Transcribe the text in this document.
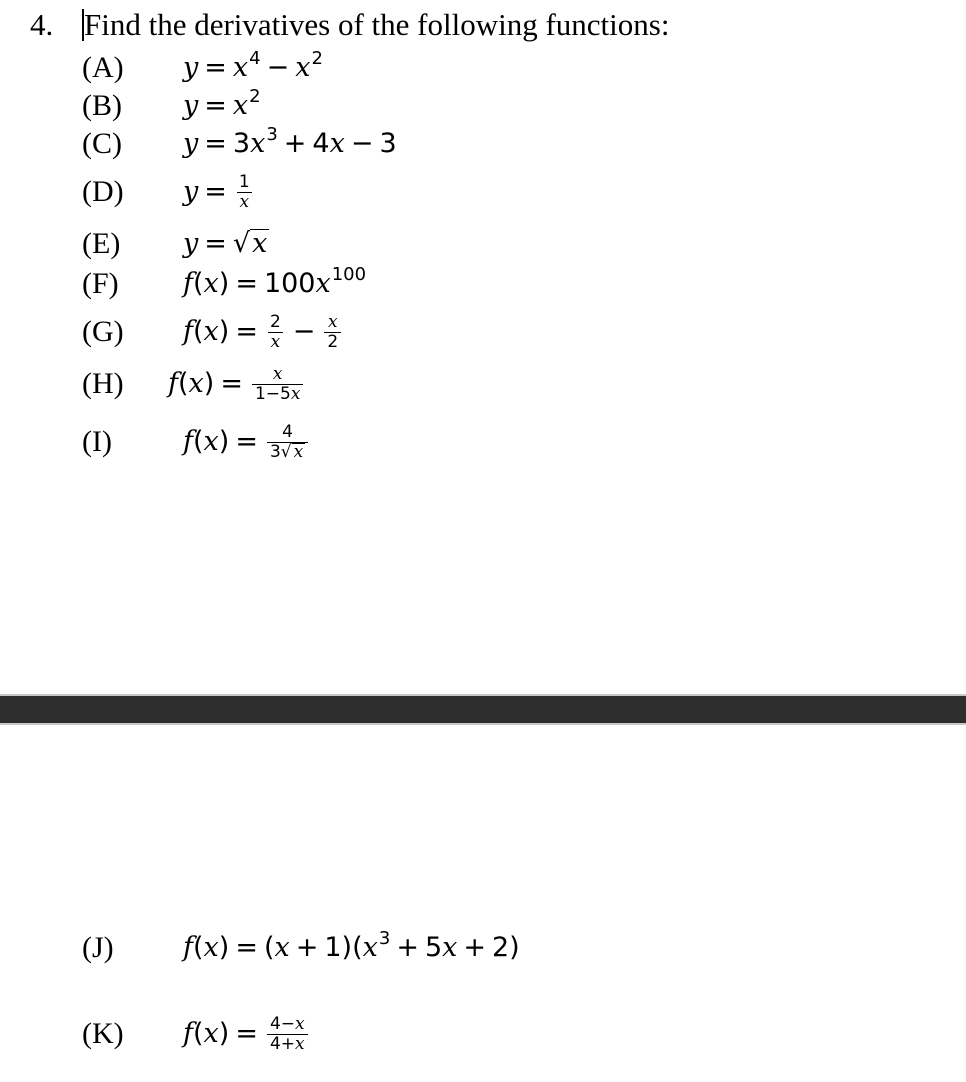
4. Find the derivatives of the following functions:
(A) $y = x^4 - x^2$
(B) $y = x^2$
(C) $y = 3x^3 + 4x - 3$
(D) $y = \frac{1}{x}$
(E) y = √x
(F) $f(x) = 100x^{100}$
(G) $f(x) = \frac{2}{x} - \frac{x}{2}$
(H) $f(x) = \frac{x}{1-5x}$
(I)	$f(x) = \frac{4}{3√ x}$
(J)	$f(x) = (x + 1)(x^3 + 5x + 2)$
(K) $f(x) = \frac{4-x}{4+x}$
